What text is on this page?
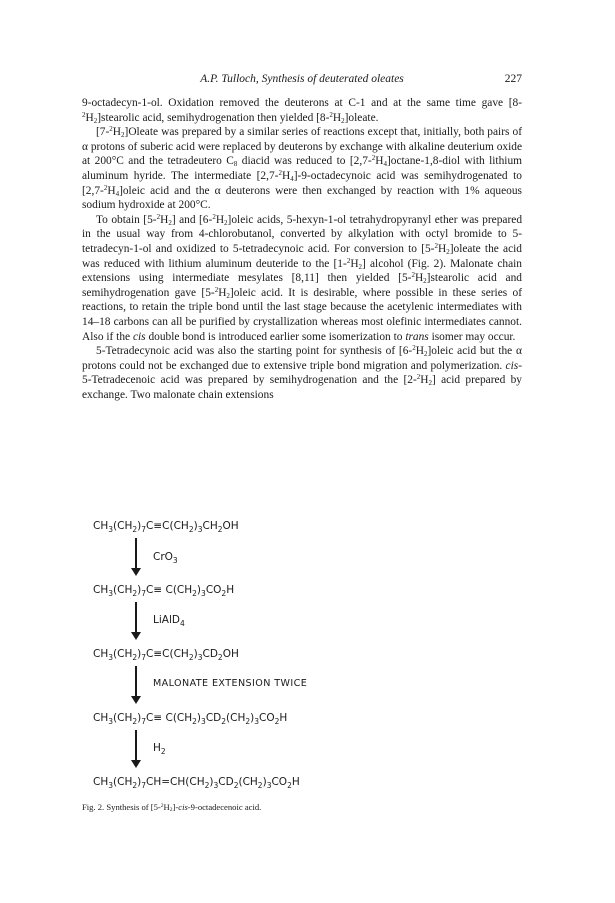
A.P. Tulloch, Synthesis of deuterated oleates	227

9-octadecyn-1-ol. Oxidation removed the deuterons at C-1 and at the same time gave $[8-^2H_2]stearolic$ acid, semihydrogenation then yielded $[8-^2H_2]oleate$.

$[7-^2H_2]Oleate$ was prepared by a similar series of reactions except that, initially, both pairs of α protons of suberic acid were replaced by deuterons by exchange with alkaline deuterium oxide at 200°C and the tetradeutero $C_8$ diacid was reduced to $[2,7-^2H_4]octane-1,8$-diol with lithium aluminum hyride. The intermediate $[2,7-^2H_4]-9$-octadecynoic acid was semihydrogenated to $[2,7-^2H_4]oleic$ acid and the α deuterons were then exchanged by reaction with 1% aqueous sodium hydroxide at 200°C.

To obtain $[5-^2H_2]$ and $[6-^2H_2]oleic$ acids, 5-hexyn-1-ol tetrahydropyranyl ether was prepared in the usual way from 4-chlorobutanol, converted by alkylation with octyl bromide to 5-tetradecyn-1-ol and oxidized to 5-tetradecynoic acid. For conversion to $[5-^2H_2]oleate$ the acid was reduced with lithium aluminum deuteride to the $[1-^2H_2]$ alcohol (Fig. 2). Malonate chain extensions using intermediate mesylates [8,11] then yielded $[5-^2H_2]stearolic$ acid and semihydrogenation gave $[5-^2H_2]oleic$ acid. It is desirable, where possible in these series of reactions, to retain the triple bond until the last stage because the acetylenic intermediates with 14–18 carbons can all be purified by crystallization whereas most olefinic intermediates cannot. Also if the cis double bond is introduced earlier some isomerization to trans isomer may occur.

5-Tetradecynoic acid was also the starting point for synthesis of $[6-^2H_2]oleic$ acid but the α protons could not be exchanged due to extensive triple bond migration and polymerization. cis-5-Tetradecenoic acid was prepared by semihydrogenation and the $[2-^2H_2]$ acid prepared by exchange. Two malonate chain extensions

$CH_3(CH_2)_7C\equiv C(CH_2)_3CH_2OH$
CrO$_3$
$CH_3(CH_2)_7C\equiv C(CH_2)_3CO_2H$
LiAlD$_4$
$CH_3(CH_2)_7C\equiv C(CH_2)_3CD_2OH$
MALONATE EXTENSION TWICE
$CH_3(CH_2)_7C\equiv C(CH_2)_3CD_2(CH_2)_3CO_2H$
$H_2$
$CH_3(CH_2)_7CH=CH(CH_2)_3CD_2(CH_2)_3CO_2H$
Fig. 2. Synthesis of $[5-^2H_2]-cis-9$-octadecenoic acid.
